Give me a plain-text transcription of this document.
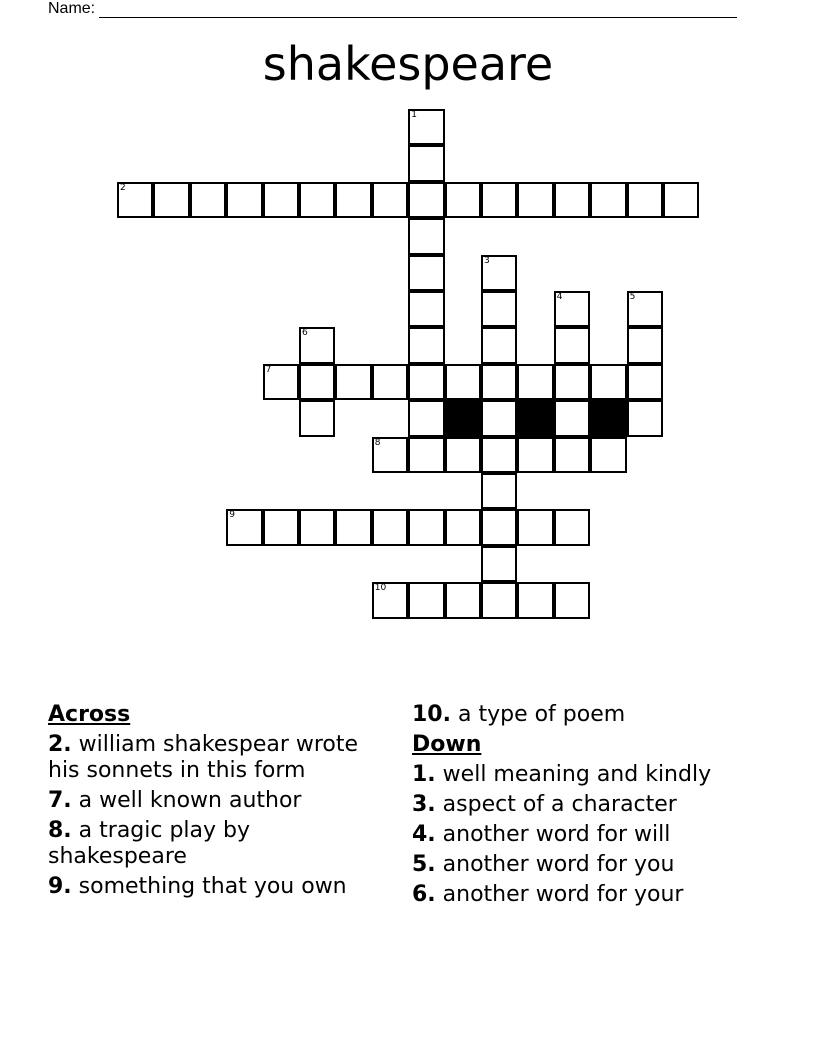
Name:
shakespeare
2
1
3
4	5
6
7
8
9
10
Across
2. william shakespear wrote his sonnets in this form
7. a well known author
8. a tragic play by shakespeare
9. something that you own
10. a type of poem
Down
1. well meaning and kindly
3. aspect of a character
4. another word for will
5. another word for you
6. another word for your
